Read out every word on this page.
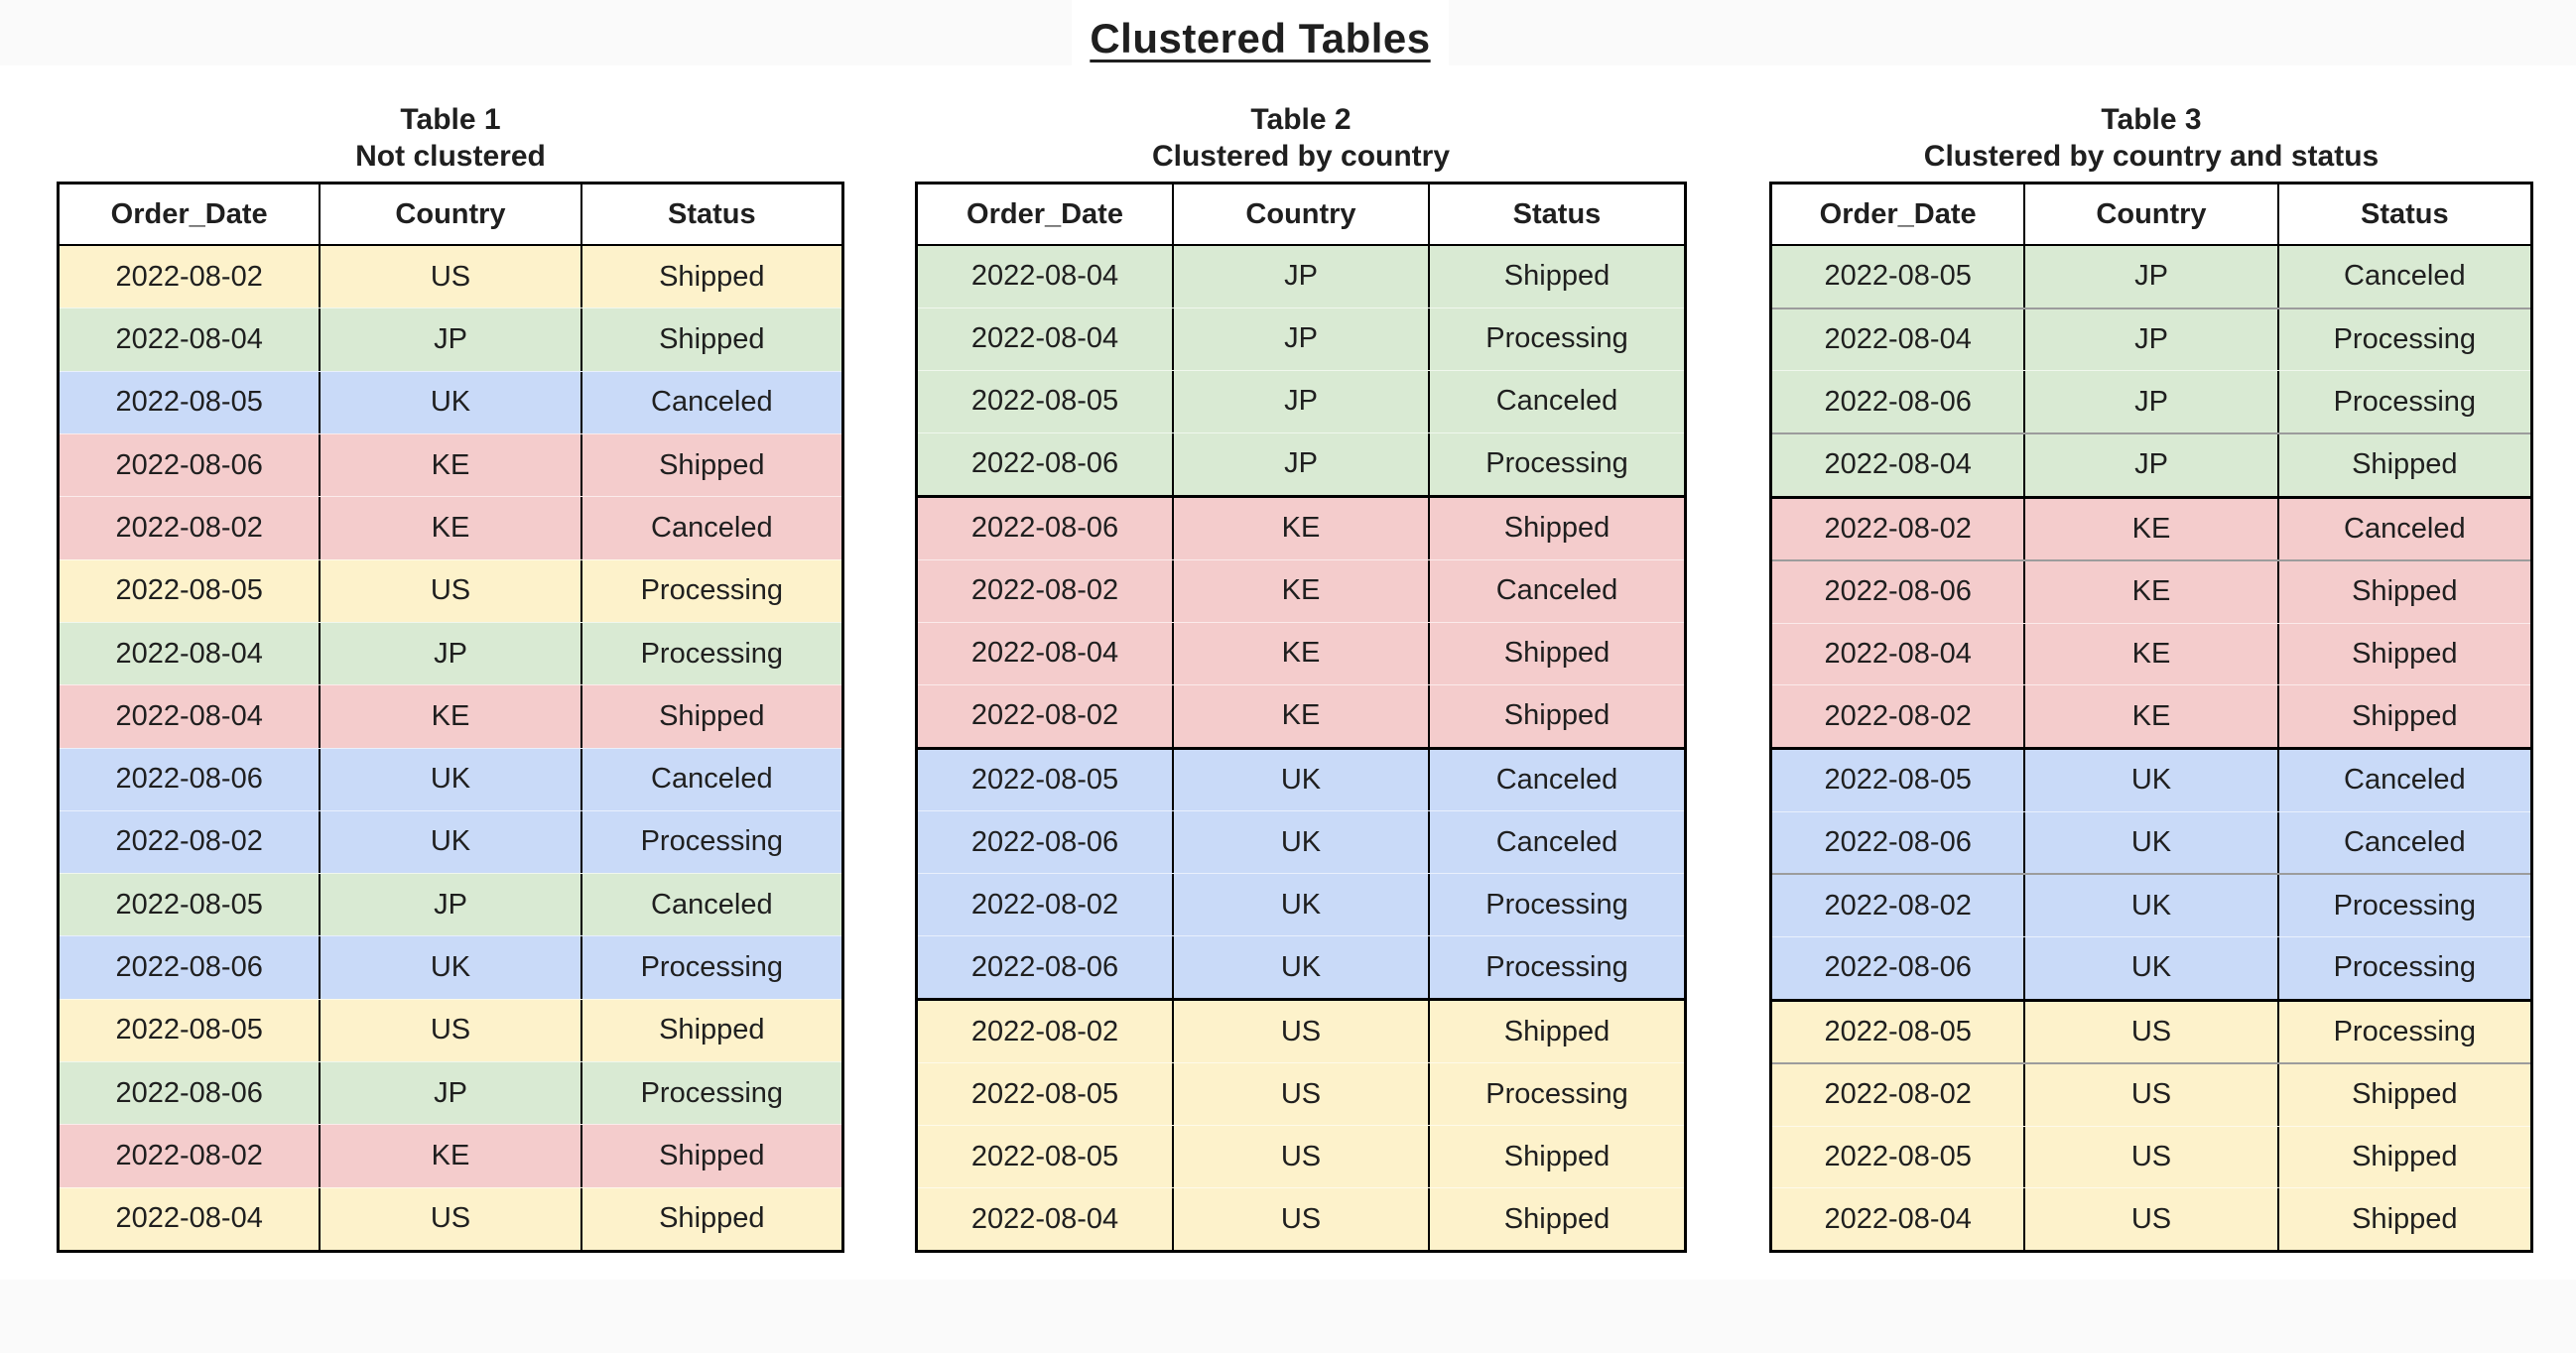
Clustered Tables
Table 1
Not clustered
Order_Date	Country	Status
2022-08-02	US	Shipped
2022-08-04	JP	Shipped
2022-08-05	UK	Canceled
2022-08-06	KE	Shipped
2022-08-02	KE	Canceled
2022-08-05	US	Processing
2022-08-04	JP	Processing
2022-08-04	KE	Shipped
2022-08-06	UK	Canceled
2022-08-02	UK	Processing
2022-08-05	JP	Canceled
2022-08-06	UK	Processing
2022-08-05	US	Shipped
2022-08-06	JP	Processing
2022-08-02	KE	Shipped
2022-08-04	US	Shipped
Table 2
Clustered by country
Order_Date	Country	Status
2022-08-04	JP	Shipped
2022-08-04	JP	Processing
2022-08-05	JP	Canceled
2022-08-06	JP	Processing
2022-08-06	KE	Shipped
2022-08-02	KE	Canceled
2022-08-04	KE	Shipped
2022-08-02	KE	Shipped
2022-08-05	UK	Canceled
2022-08-06	UK	Canceled
2022-08-02	UK	Processing
2022-08-06	UK	Processing
2022-08-02	US	Shipped
2022-08-05	US	Processing
2022-08-05	US	Shipped
2022-08-04	US	Shipped
Table 3
Clustered by country and status
Order_Date	Country	Status
2022-08-05	JP	Canceled
2022-08-04	JP	Processing
2022-08-06	JP	Processing
2022-08-04	JP	Shipped
2022-08-02	KE	Canceled
2022-08-06	KE	Shipped
2022-08-04	KE	Shipped
2022-08-02	KE	Shipped
2022-08-05	UK	Canceled
2022-08-06	UK	Canceled
2022-08-02	UK	Processing
2022-08-06	UK	Processing
2022-08-05	US	Processing
2022-08-02	US	Shipped
2022-08-05	US	Shipped
2022-08-04	US	Shipped
